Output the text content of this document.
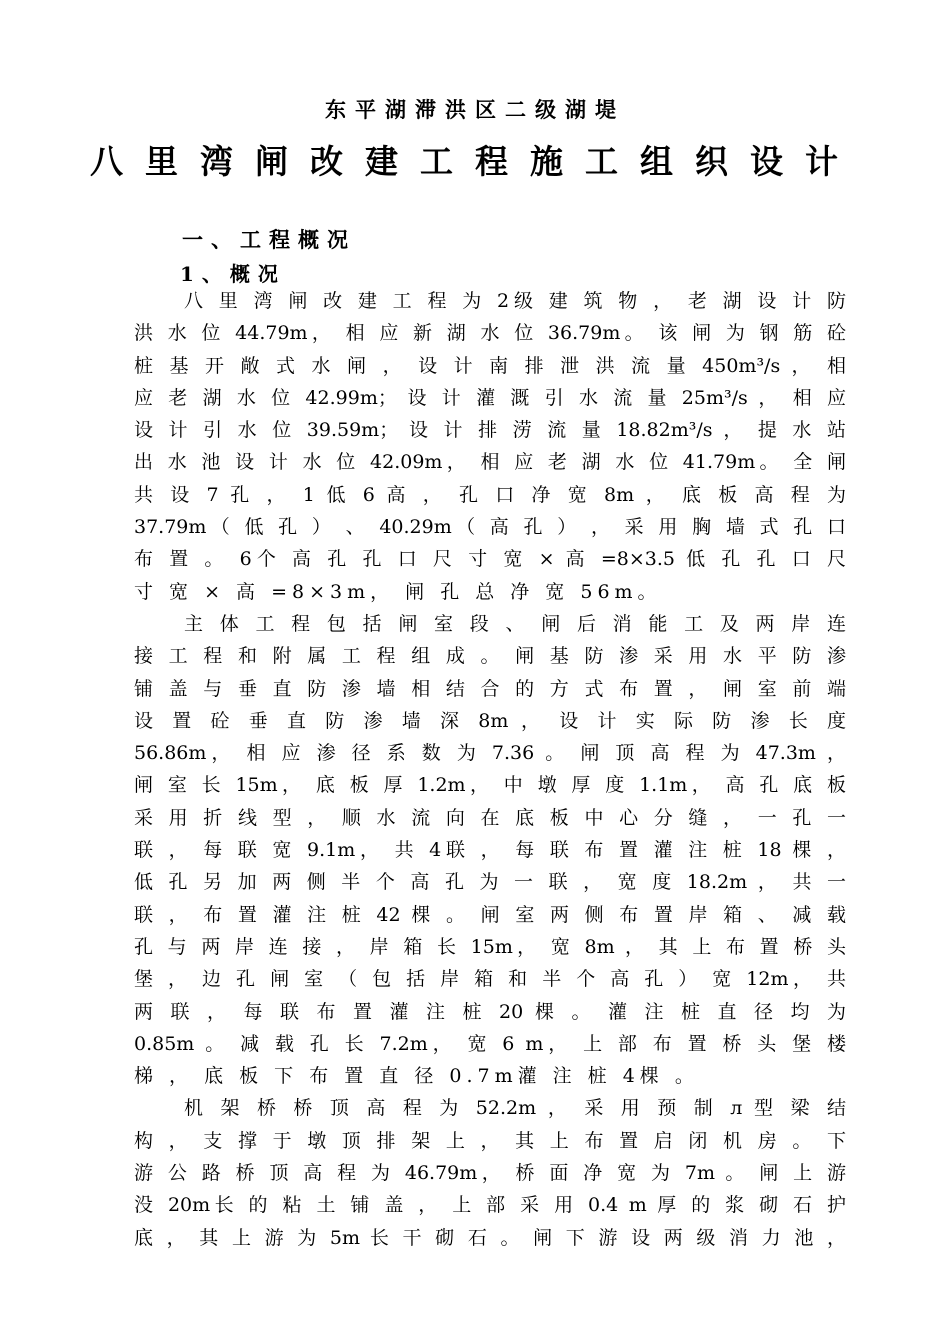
东平湖滞洪区二级湖堤
八里湾闸改建工程施工组织设计
一、工程概况
1、概况
八 里 湾 闸 改 建 工 程 为 2级 建 筑 物 ， 老 湖 设 计 防
洪 水 位 44.79m， 相 应 新 湖 水 位 36.79m。 该 闸 为 钢 筋 砼
桩 基 开 敞 式 水 闸 ， 设 计 南 排 泄 洪 流 量 450m³/s ， 相
应 老 湖 水 位 42.99m； 设 计 灌 溉 引 水 流 量 25m³/s ， 相 应
设 计 引 水 位 39.59m； 设 计 排 涝 流 量 18.82m³/s ， 提 水 站
出 水 池 设 计 水 位 42.09m， 相 应 老 湖 水 位 41.79m。 全 闸
共 设 7 孔 ， 1 低 6 高 ， 孔 口 净 宽 8m ， 底 板 高 程 为
37.79m（ 低 孔 ） 、 40.29m（ 高 孔 ） ， 采 用 胸 墙 式 孔 口
布 置 。 6个 高 孔 孔 口 尺 寸 宽 × 高 =8×3.5 低 孔 孔 口 尺
寸 宽 × 高 =8×3m， 闸 孔 总 净 宽 56m。
主 体 工 程 包 括 闸 室 段 、 闸 后 消 能 工 及 两 岸 连
接 工 程 和 附 属 工 程 组 成 。 闸 基 防 渗 采 用 水 平 防 渗
铺 盖 与 垂 直 防 渗 墙 相 结 合 的 方 式 布 置 ， 闸 室 前 端
设 置 砼 垂 直 防 渗 墙 深 8m ， 设 计 实 际 防 渗 长 度
56.86m， 相 应 渗 径 系 数 为 7.36 。 闸 顶 高 程 为 47.3m ，
闸 室 长 15m， 底 板 厚 1.2m， 中 墩 厚 度 1.1m， 高 孔 底 板
采 用 折 线 型 ， 顺 水 流 向 在 底 板 中 心 分 缝 ， 一 孔 一
联 ， 每 联 宽 9.1m， 共 4联 ， 每 联 布 置 灌 注 桩 18 棵 ，
低 孔 另 加 两 侧 半 个 高 孔 为 一 联 ， 宽 度 18.2m ， 共 一
联 ， 布 置 灌 注 桩 42 棵 。 闸 室 两 侧 布 置 岸 箱 、 减 载
孔 与 两 岸 连 接 ， 岸 箱 长 15m， 宽 8m ， 其 上 布 置 桥 头
堡 ， 边 孔 闸 室 （ 包 括 岸 箱 和 半 个 高 孔 ） 宽 12m， 共
两 联 ， 每 联 布 置 灌 注 桩 20 棵 。 灌 注 桩 直 径 均 为
0.85m 。 减 载 孔 长 7.2m， 宽 6 m， 上 部 布 置 桥 头 堡 楼
梯 ， 底 板 下 布 置 直 径 0.7m灌 注 桩 4棵 。
机 架 桥 桥 顶 高 程 为 52.2m ， 采 用 预 制 л 型 梁 结
构 ， 支 撑 于 墩 顶 排 架 上 ， 其 上 布 置 启 闭 机 房 。 下
游 公 路 桥 顶 高 程 为 46.79m， 桥 面 净 宽 为 7m 。 闸 上 游
没 20m长 的 粘 土 铺 盖 ， 上 部 采 用 0.4 m 厚 的 浆 砌 石 护
底 ， 其 上 游 为 5m 长 干 砌 石 。 闸 下 游 设 两 级 消 力 池 ，
